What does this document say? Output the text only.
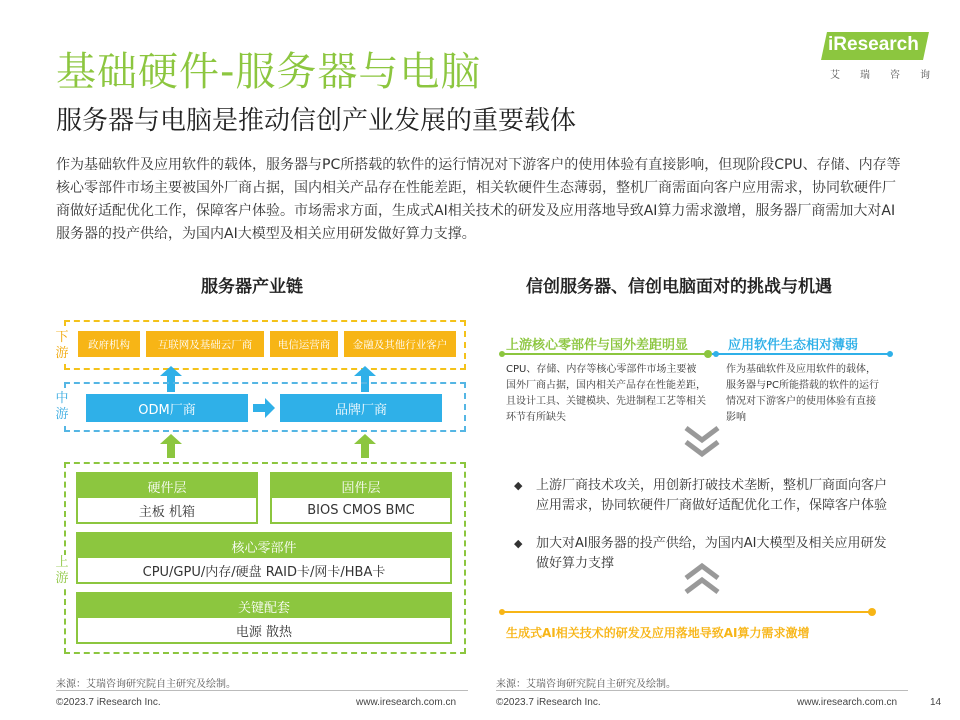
基础硬件-服务器与电脑
服务器与电脑是推动信创产业发展的重要载体
iResearch
艾 瑞 咨 询
作为基础软件及应用软件的载体，服务器与PC所搭载的软件的运行情况对下游客户的使用体验有直接影响，但现阶段CPU、存储、内存等核心零部件市场主要被国外厂商占据，国内相关产品存在性能差距，相关软硬件生态薄弱，整机厂商需面向客户应用需求，协同软硬件厂商做好适配优化工作，保障客户体验。市场需求方面，生成式AI相关技术的研发及应用落地导致AI算力需求激增，服务器厂商需加大对AI服务器的投产供给，为国内AI大模型及相关应用研发做好算力支撑。
服务器产业链
下游
政府机构	互联网及基础云厂商	电信运营商	金融及其他行业客户
中游	ODM厂商	品牌厂商
上游
硬件层
主板 机箱
固件层
BIOS CMOS BMC
核心零部件
CPU/GPU/内存/硬盘 RAID卡/网卡/HBA卡
关键配套
电源 散热
来源：艾瑞咨询研究院自主研究及绘制。
信创服务器、信创电脑面对的挑战与机遇
上游核心零部件与国外差距明显	应用软件生态相对薄弱
CPU、存储、内存等核心零部件市场主要被国外厂商占据，国内相关产品存在性能差距，且设计工具、关键模块、先进制程工艺等相关环节有所缺失
作为基础软件及应用软件的载体，服务器与PC所能搭载的软件的运行情况对下游客户的使用体验有直接影响
◆ 上游厂商技术攻关，用创新打破技术垄断，整机厂商面向客户应用需求，协同软硬件厂商做好适配优化工作，保障客户体验
◆ 加大对AI服务器的投产供给，为国内AI大模型及相关应用研发做好算力支撑
生成式AI相关技术的研发及应用落地导致AI算力需求激增
来源：艾瑞咨询研究院自主研究及绘制。
©2023.7 iResearch Inc.	www.iresearch.com.cn	©2023.7 iResearch Inc.	www.iresearch.com.cn	14
